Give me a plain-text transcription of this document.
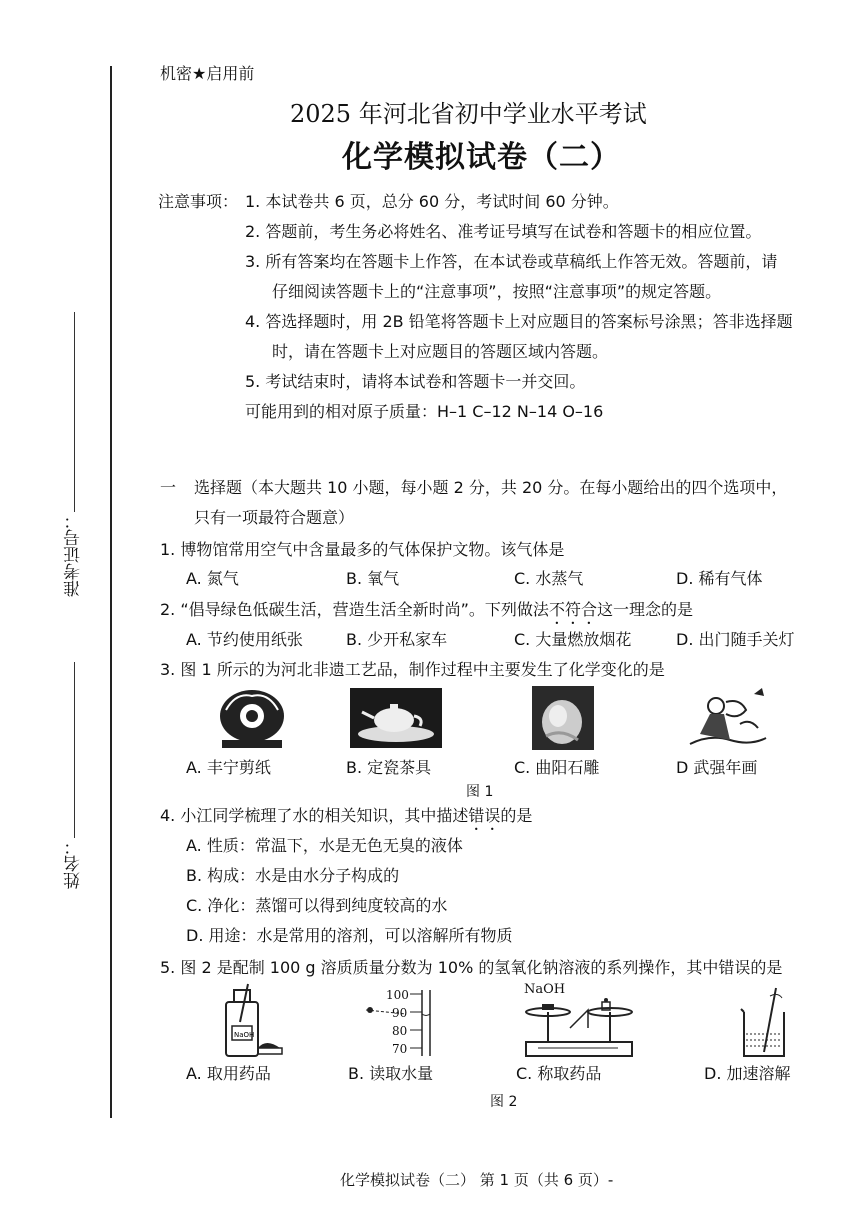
准考证号：
姓名：
机密★启用前
2025 年河北省初中学业水平考试
化学模拟试卷（二）
注意事项： 1. 本试卷共 6 页，总分 60 分，考试时间 60 分钟。
2. 答题前，考生务必将姓名、准考证号填写在试卷和答题卡的相应位置。
3. 所有答案均在答题卡上作答，在本试卷或草稿纸上作答无效。答题前，请
仔细阅读答题卡上的“注意事项”，按照“注意事项”的规定答题。
4. 答选择题时，用 2B 铅笔将答题卡上对应题目的答案标号涂黑；答非选择题
时，请在答题卡上对应题目的答题区域内答题。
5. 考试结束时，请将本试卷和答题卡一并交回。
可能用到的相对原子质量：H–1 C–12 N–14 O–16
一 选择题（本大题共 10 小题，每小题 2 分，共 20 分。在每小题给出的四个选项中，
只有一项最符合题意）
1. 博物馆常用空气中含量最多的气体保护文物。该气体是
A. 氮气	B. 氧气	C. 水蒸气	D. 稀有气体
2. “倡导绿色低碳生活，营造生活全新时尚”。下列做法不符合这一理念的是
A. 节约使用纸张	B. 少开私家车	C. 大量燃放烟花	D. 出门随手关灯
3. 图 1 所示的为河北非遗工艺品，制作过程中主要发生了化学变化的是
A. 丰宁剪纸	B. 定瓷茶具	C. 曲阳石雕	D 武强年画
图 1
4. 小江同学梳理了水的相关知识，其中描述错误的是
A. 性质：常温下，水是无色无臭的液体
B. 构成：水是由水分子构成的
C. 净化：蒸馏可以得到纯度较高的水
D. 用途：水是常用的溶剂，可以溶解所有物质
5. 图 2 是配制 100 g 溶质质量分数为 10% 的氢氧化钠溶液的系列操作，其中错误的是
NaOH
100
90
80
70
NaOH
A. 取用药品	B. 读取水量	C. 称取药品	D. 加速溶解
图 2
化学模拟试卷（二） 第 1 页（共 6 页）-
